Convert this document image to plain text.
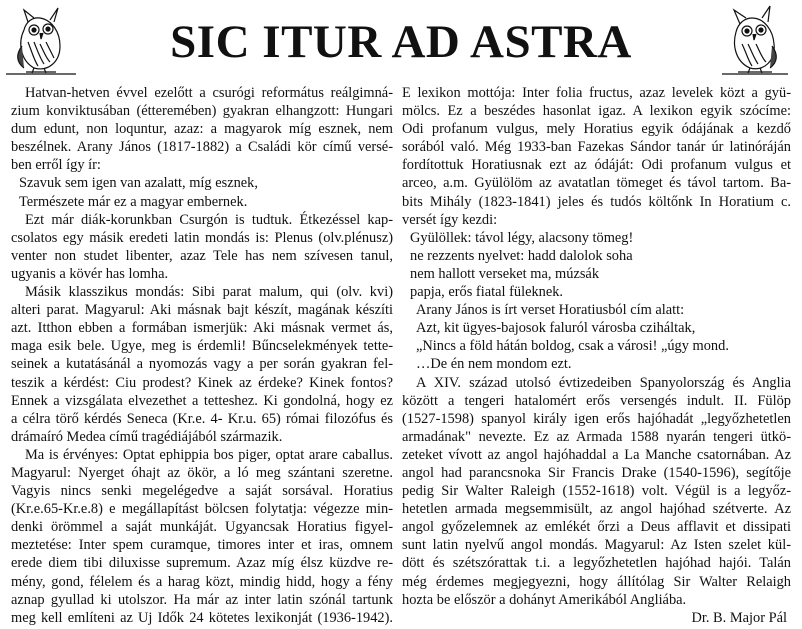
SIC ITUR AD ASTRA
Hatvan-hetven évvel ezelőtt a csurógi református reálgimná-
zium konviktusában (étteremében) gyakran elhangzott: Hungari
dum edunt, non loquntur, azaz: a magyarok míg esznek, nem
beszélnek. Arany János (1817-1882) a Családi kör című versé-
ben erről így ír:
Szavuk sem igen van azalatt, míg esznek,
Természete már ez a magyar embernek.
Ezt már diák-korunkban Csurgón is tudtuk. Étkezéssel kap-
csolatos egy másik eredeti latin mondás is: Plenus (olv.plénusz)
venter non studet libenter, azaz Tele has nem szívesen tanul,
ugyanis a kövér has lomha.
Másik klasszikus mondás: Sibi parat malum, qui (olv. kvi)
alteri parat. Magyarul: Aki másnak bajt készít, magának készíti
azt. Itthon ebben a formában ismerjük: Aki másnak vermet ás,
maga esik bele. Ugye, meg is érdemli! Bűncselekmények tette-
seinek a kutatásánál a nyomozás vagy a per során gyakran fel-
teszik a kérdést: Ciu prodest? Kinek az érdeke? Kinek fontos?
Ennek a vizsgálata elvezethet a tetteshez. Ki gondolná, hogy ez
a célra törő kérdés Seneca (Kr.e. 4- Kr.u. 65) római filozófus és
drámaíró Medea című tragédiájából származik.
Ma is érvényes: Optat ephippia bos piger, optat arare caballus.
Magyarul: Nyerget óhajt az ökör, a ló meg szántani szeretne.
Vagyis nincs senki megelégedve a saját sorsával. Horatius
(Kr.e.65-Kr.e.8) e megállapítást bölcsen folytatja: végezze min-
denki örömmel a saját munkáját. Ugyancsak Horatius figyel-
meztetése: Inter spem curamque, timores inter et iras, omnem
erede diem tibi diluxisse supremum. Azaz míg élsz küzdve re-
mény, gond, félelem és a harag közt, mindig hidd, hogy a fény
aznap gyullad ki utolszor. Ha már az inter latin szónál tartunk
meg kell említeni az Uj Idők 24 kötetes lexikonját (1936-1942).
E lexikon mottója: Inter folia fructus, azaz levelek közt a gyü-
mölcs. Ez a beszédes hasonlat igaz. A lexikon egyik szócíme:
Odi profanum vulgus, mely Horatius egyik ódájának a kezdő
sorából való. Még 1933-ban Fazekas Sándor tanár úr latinóráján
fordítottuk Horatiusnak ezt az ódáját: Odi profanum vulgus et
arceo, a.m. Gyülölöm az avatatlan tömeget és távol tartom. Ba-
bits Mihály (1823-1841) jeles és tudós költőnk In Horatium c.
versét így kezdi:
Gyülöllek: távol légy, alacsony tömeg!
ne rezzents nyelvet: hadd dalolok soha
nem hallott verseket ma, múzsák
papja, erős fiatal füleknek.
Arany János is írt verset Horatiusból cím alatt:
Azt, kit ügyes-bajosok faluról városba cziháltak,
„Nincs a föld hátán boldog, csak a városi! „úgy mond.
…De én nem mondom ezt.
A XIV. század utolsó évtizedeiben Spanyolország és Anglia
között a tengeri hatalomért erős versengés indult. II. Fülöp
(1527-1598) spanyol király igen erős hajóhadát „legyőzhetetlen
armadának" nevezte. Ez az Armada 1588 nyarán tengeri ütkö-
zeteket vívott az angol hajóhaddal a La Manche csatornában. Az
angol had parancsnoka Sir Francis Drake (1540-1596), segítője
pedig Sir Walter Raleigh (1552-1618) volt. Végül is a legyőz-
hetetlen armada megsemmisült, az angol hajóhad szétverte. Az
angol győzelemnek az emlékét őrzi a Deus afflavit et dissipati
sunt latin nyelvű angol mondás. Magyarul: Az Isten szelet kül-
dött és szétszórattak t.i. a legyőzhetetlen hajóhad hajói. Talán
még érdemes megjegyezni, hogy állítólag Sir Walter Relaigh
hozta be először a dohányt Amerikából Angliába.
Dr. B. Major Pál
